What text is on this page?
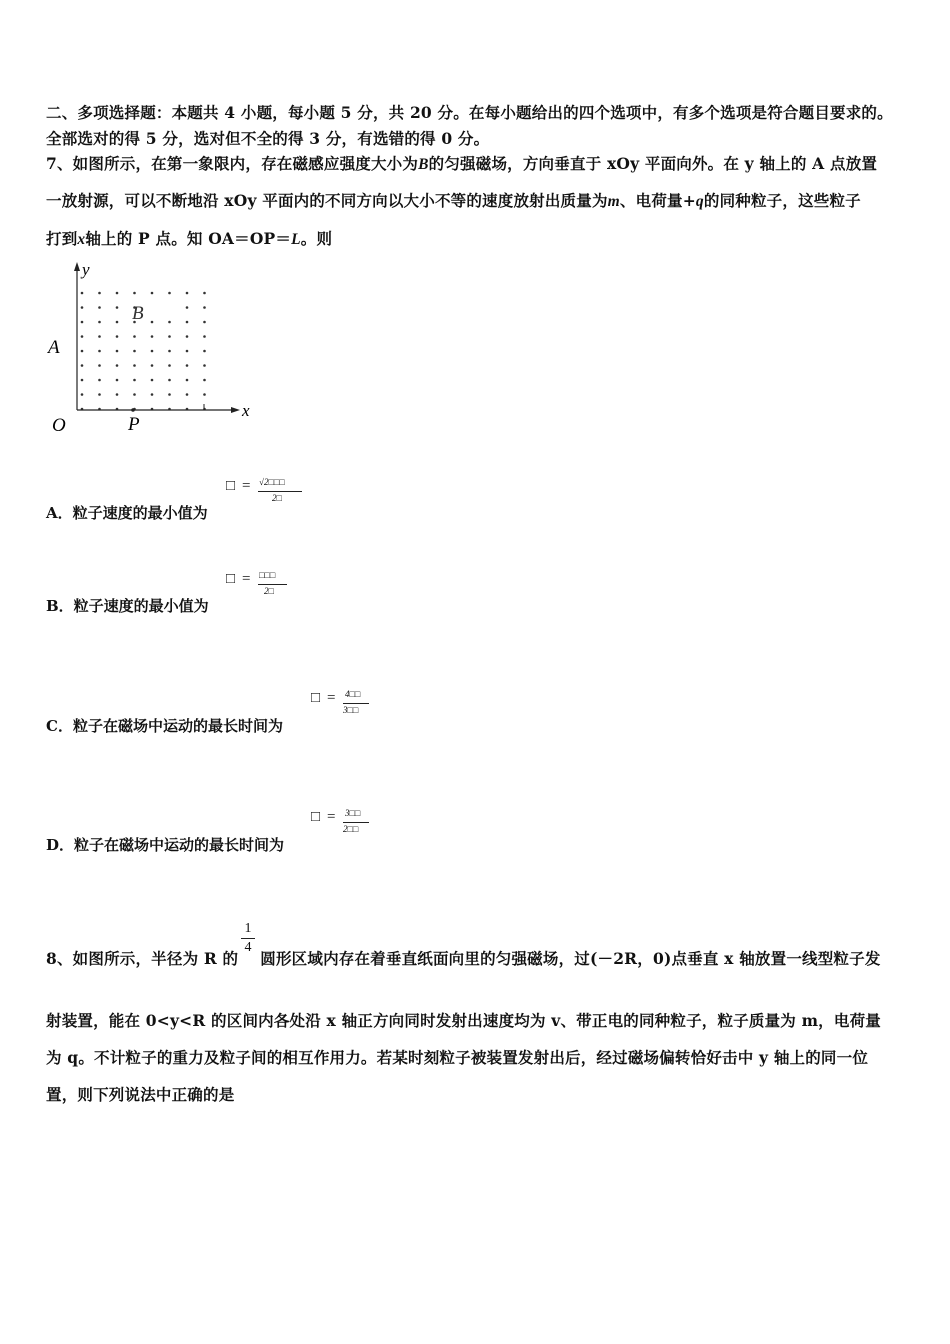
二、多项选择题：本题共 4 小题，每小题 5 分，共 20 分。在每小题给出的四个选项中，有多个选项是符合题目要求的。
全部选对的得 5 分，选对但不全的得 3 分，有选错的得 0 分。
7、如图所示，在第一象限内，存在磁感应强度大小为B的匀强磁场，方向垂直于 xOy 平面向外。在 y 轴上的 A 点放置
一放射源，可以不断地沿 xOy 平面内的不同方向以大小不等的速度放射出质量为m、电荷量+q的同种粒子，这些粒子
打到x轴上的 P 点。知 OA＝OP＝L。则
y
x
A
B
O	P
A．粒子速度的最小值为
□ = √2□□□
2□
B．粒子速度的最小值为
□ = □□□
2□
C．粒子在磁场中运动的最长时间为
□ = 4□□
3□□
D．粒子在磁场中运动的最长时间为
□ = 3□□
2□□
8、如图所示，半径为 R 的 圆形区域内存在着垂直纸面向里的匀强磁场，过(－2R，0)点垂直 x 轴放置一线型粒子发
1
4
射装置，能在 0<y<R 的区间内各处沿 x 轴正方向同时发射出速度均为 v、带正电的同种粒子，粒子质量为 m，电荷量
为 q。不计粒子的重力及粒子间的相互作用力。若某时刻粒子被装置发射出后，经过磁场偏转恰好击中 y 轴上的同一位
置，则下列说法中正确的是
